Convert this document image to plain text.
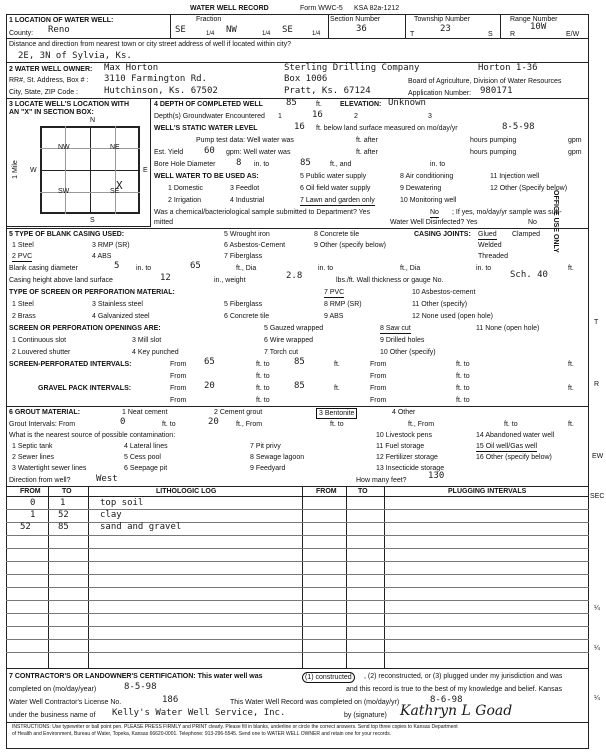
WATER WELL RECORD	Form WWC-5 KSA 82a-1212
1 LOCATION OF WATER WELL:	Fraction	Section Number	Township Number	Range Number
County: Reno	SE	1/4 NW	1/4 SE	1/4	36
T
23
S R
10W
E/W
Distance and direction from nearest town or city street address of well if located within city?
2E, 3N of Sylvia, Ks.
2 WATER WELL OWNER:
RR#, St. Address, Box # :
City, State, ZIP Code :
Max Horton
3110 Farmington Rd.
Hutchinson, Ks. 67502
Sterling Drilling Company
Box 1006
Pratt, Ks. 67124
Horton 1-36
Board of Agriculture, Division of Water Resources
Application Number: 980171
3 LOCATE WELL'S LOCATION WITH
AN "X" IN SECTION BOX:
N
S
W	E
1 Mile
NW	NE
SW	SE
X
4 DEPTH OF COMPLETED WELL	85	ft.	ELEVATION: Unknown
Depth(s) Groundwater Encountered 1	16	2	3
WELL'S STATIC WATER LEVEL	16 ft. below land surface measured on mo/day/yr	8-5-98
Pump test data: Well water was	ft. after	hours pumping	gpm
Est. Yield 60 gpm: Well water was	ft. after	hours pumping	gpm
Bore Hole Diameter 8 in. to	85	ft., and	in. to
WELL WATER TO BE USED AS:	5 Public water supply	8 Air conditioning	11 Injection well
1 Domestic	3 Feedlot	6 Oil field water supply	9 Dewatering	12 Other (Specify below)
2 Irrigation	4 Industrial	7 Lawn and garden only	10 Monitoring well
Was a chemical/bacteriological sample submitted to Department? Yes	No ; If yes, mo/day/yr sample was sub-
mitted	Water Well Disinfected? Yes	No
5 TYPE OF BLANK CASING USED:	5 Wrought iron	8 Concrete tile	CASING JOINTS: Glued Clamped
1 Steel	3 RMP (SR)	6 Asbestos-Cement	9 Other (specify below)	Welded
2 PVC	4 ABS	7 Fiberglass	Threaded
Blank casing diameter	5 in. to	65	ft., Dia	in. to	ft., Dia	in. to	ft.
Casing height above land surface	12	in., weight	2.8	lbs./ft. Wall thickness or gauge No.
Sch. 40
TYPE OF SCREEN OR PERFORATION MATERIAL:	7 PVC	10 Asbestos-cement
1 Steel	3 Stainless steel	5 Fiberglass	8 RMP (SR)	11 Other (specify)
2 Brass	4 Galvanized steel	6 Concrete tile	9 ABS	12 None used (open hole)
SCREEN OR PERFORATION OPENINGS ARE:	5 Gauzed wrapped	8 Saw cut	11 None (open hole)
1 Continuous slot	3 Mill slot	6 Wire wrapped	9 Drilled holes
2 Louvered shutter	4 Key punched	7 Torch cut	10 Other (specify)
SCREEN-PERFORATED INTERVALS:	From 65	ft. to	85	ft.	From	ft. to	ft.
From	ft. to	From	ft. to
GRAVEL PACK INTERVALS:	From 20	ft. to	85	ft.	From	ft. to	ft.
From	ft. to	From	ft. to
6 GROUT MATERIAL:	1 Neat cement	2 Cement grout	3 Bentonite	4 Other
Grout Intervals: From	0	ft. to	20 ft., From	ft. to	ft., From	ft. to	ft.
What is the nearest source of possible contamination:	10 Livestock pens	14 Abandoned water well
1 Septic tank	4 Lateral lines	7 Pit privy	11 Fuel storage	15 Oil well/Gas well
2 Sewer lines	5 Cess pool	8 Sewage lagoon	12 Fertilizer storage	16 Other (specify below)
3 Watertight sewer lines	6 Seepage pit	9 Feedyard	13 Insecticide storage
Direction from well?	West	How many feet? 130
FROM	TO	LITHOLOGIC LOG	FROM	TO	PLUGGING INTERVALS
0	1	top soil
1	52	clay
52	85	sand and gravel
7 CONTRACTOR'S OR LANDOWNER'S CERTIFICATION: This water well was	(1) constructed	, (2) reconstructed, or (3) plugged under my jurisdiction and was
completed on (mo/day/year)	8-5-98	and this record is true to the best of my knowledge and belief. Kansas
Water Well Contractor's License No.	186	This Water Well Record was completed on (mo/day/yr)	8-6-98
under the business name of Kelly's Water Well Service, Inc.	by (signature) Kathryn L Goad
INSTRUCTIONS: Use typewriter or ball point pen. PLEASE PRESS FIRMLY and PRINT clearly. Please fill in blanks, underline or circle the correct answers. Send top three copies to Kansas Department
of Health and Environment, Bureau of Water, Topeka, Kansas 66620-0001. Telephone: 913-296-5545. Send one to WATER WELL OWNER and retain one for your records.
OFFICE USE ONLY
T
R
EW
SEC
¼
¼
¼
